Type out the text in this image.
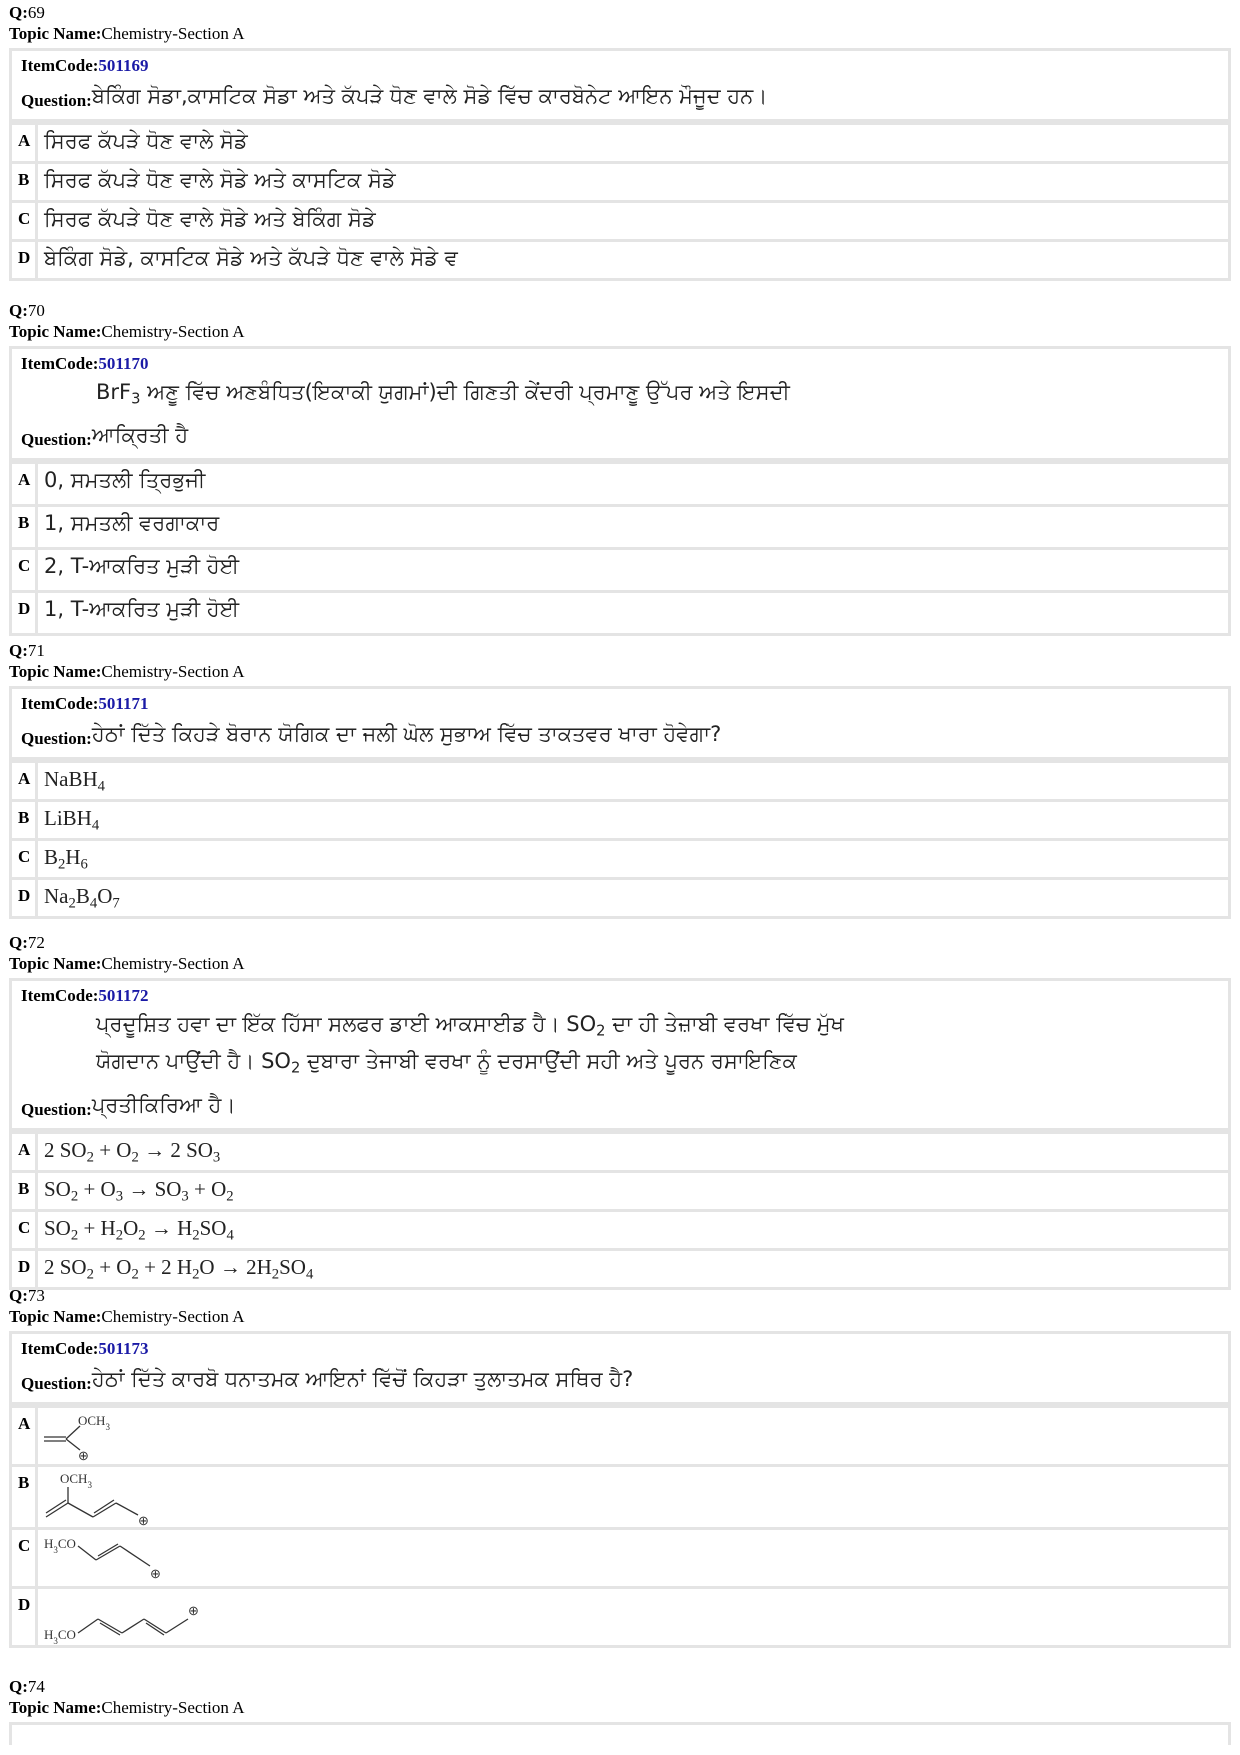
Q:69
Topic Name:Chemistry-Section A
ItemCode:501169
Question: ਬੇਕਿੰਗ ਸੋਡਾ,ਕਾਸਟਿਕ ਸੋਡਾ ਅਤੇ ਕੱਪੜੇ ਧੋਣ ਵਾਲੇ ਸੋਡੇ ਵਿੱਚ ਕਾਰਬੋਨੇਟ ਆਇਨ ਮੌਜੂਦ ਹਨ।
A ਸਿਰਫ ਕੱਪੜੇ ਧੋਣ ਵਾਲੇ ਸੋਡੇ
B ਸਿਰਫ ਕੱਪੜੇ ਧੋਣ ਵਾਲੇ ਸੋਡੇ ਅਤੇ ਕਾਸਟਿਕ ਸੋਡੇ
C ਸਿਰਫ ਕੱਪੜੇ ਧੋਣ ਵਾਲੇ ਸੋਡੇ ਅਤੇ ਬੇਕਿੰਗ ਸੋਡੇ
D ਬੇਕਿੰਗ ਸੋਡੇ, ਕਾਸਟਿਕ ਸੋਡੇ ਅਤੇ ਕੱਪੜੇ ਧੋਣ ਵਾਲੇ ਸੋਡੇ ਵ
Q:70
Topic Name:Chemistry-Section A
ItemCode:501170
BrF$_3$ ਅਣੂ ਵਿੱਚ ਅਣਬੰਧਿਤ(ਇਕਾਕੀ ਯੁਗਮਾਂ)ਦੀ ਗਿਣਤੀ ਕੇਂਦਰੀ ਪ੍ਰਮਾਣੂ ਉੱਪਰ ਅਤੇ ਇਸਦੀ
Question: ਆਕ੍ਰਿਤੀ ਹੈ
A 0, ਸਮਤਲੀ ਤ੍ਰਿਭੁਜੀ
B 1, ਸਮਤਲੀ ਵਰਗਾਕਾਰ
C 2, T-ਆਕਰਿਤ ਮੁੜੀ ਹੋਈ
D 1, T-ਆਕਰਿਤ ਮੁੜੀ ਹੋਈ
Q:71
Topic Name:Chemistry-Section A
ItemCode:501171
Question: ਹੇਠਾਂ ਦਿੱਤੇ ਕਿਹੜੇ ਬੋਰਾਨ ਯੋਗਿਕ ਦਾ ਜਲੀ ਘੋਲ ਸੁਭਾਅ ਵਿੱਚ ਤਾਕਤਵਰ ਖਾਰਾ ਹੋਵੇਗਾ?
A NaBH$_4$
B LiBH$_4$
C $B_2H_6$
D $Na_2B_4O_7$
Q:72
Topic Name:Chemistry-Section A
ItemCode:501172
ਪ੍ਰਦੂਸ਼ਿਤ ਹਵਾ ਦਾ ਇੱਕ ਹਿੱਸਾ ਸਲਫਰ ਡਾਈ ਆਕਸਾਈਡ ਹੈ। $SO_2$ ਦਾ ਹੀ ਤੇਜ਼ਾਬੀ ਵਰਖਾ ਵਿੱਚ ਮੁੱਖ
ਯੋਗਦਾਨ ਪਾਉਂਦੀ ਹੈ। $SO_2$ ਦੁਬਾਰਾ ਤੇਜਾਬੀ ਵਰਖਾ ਨੂੰ ਦਰਸਾਉਂਦੀ ਸਹੀ ਅਤੇ ਪੂਰਨ ਰਸਾਇਣਿਕ
Question: ਪ੍ਰਤੀਕਿਰਿਆ ਹੈ।
A 2 $SO_2 + O_2 \to 2$ $SO_3$
B $SO_2 + O_3 \to SO_3 + O_2$
C $SO_2 + H_2O_2 \to H_2SO_4$
D 2 $SO_2 + O_2 + 2$ $H_2O \to 2H_2SO_4$
Q:73
Topic Name:Chemistry-Section A
ItemCode:501173
Question: ਹੇਠਾਂ ਦਿੱਤੇ ਕਾਰਬੋ ਧਨਾਤਮਕ ਆਇਨਾਂ ਵਿੱਚੋਂ ਕਿਹੜਾ ਤੁਲਾਤਮਕ ਸਥਿਰ ਹੈ?
A	$OCH_3$
⊕
B	$OCH_3$
⊕
C	$H_3CO$
⊕
D
$H_3CO$
⊕
Q:74
Topic Name:Chemistry-Section A
